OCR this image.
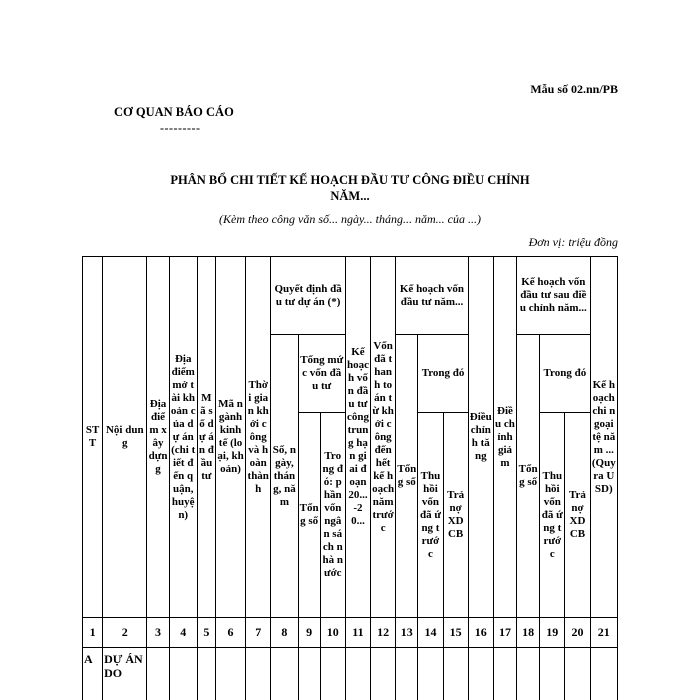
Mẫu số 02.nn/PB
CƠ QUAN BÁO CÁO
---------
PHÂN BỔ CHI TIẾT KẾ HOẠCH ĐẦU TƯ CÔNG ĐIỀU CHỈNH
NĂM...
(Kèm theo công văn số... ngày... tháng... năm... của ...)
Đơn vị: triệu đồng
STT	Nội dung	Địa điểm xây dựng	Địa điểm mở tài khoản của dự án (chi tiết đến quận, huyện)	Mã số dự án đầu tư	Mã ngành kinh tế (loại, khoản)	Thời gian khởi công và hoàn thành	Quyết định đầu tư dự án (*)			Kế hoạch vốn đầu tư công trung hạn giai đoạn 20...-20...	Vốn đã thanh toán từ khởi công đến hết kế hoạch năm trước	Kế hoạch vốn đầu tư năm...			Điều chỉnh tăng	Điều chỉnh giảm	Kế hoạch vốn đầu tư sau điều chỉnh năm...			Kế hoạch chi ngoại tệ năm ... (Quy ra USD)
							Số, ngày, tháng, năm	Tổng mức vốn đầu tư				Tổng số	Trong đó				Tổng số	Trong đó		
								Tổng số	Trong đó: phần vốn ngân sách nhà nước				Thu hồi vốn đã ứng trước	Trả nợ XDCB				Thu hồi vốn đã ứng trước	Trả nợ XDCB	

1	2	3	4	5	6	7	8	9	10	11	12	13	14	15	16	17	18	19	20	21
A	DỰ ÁN DO																			
